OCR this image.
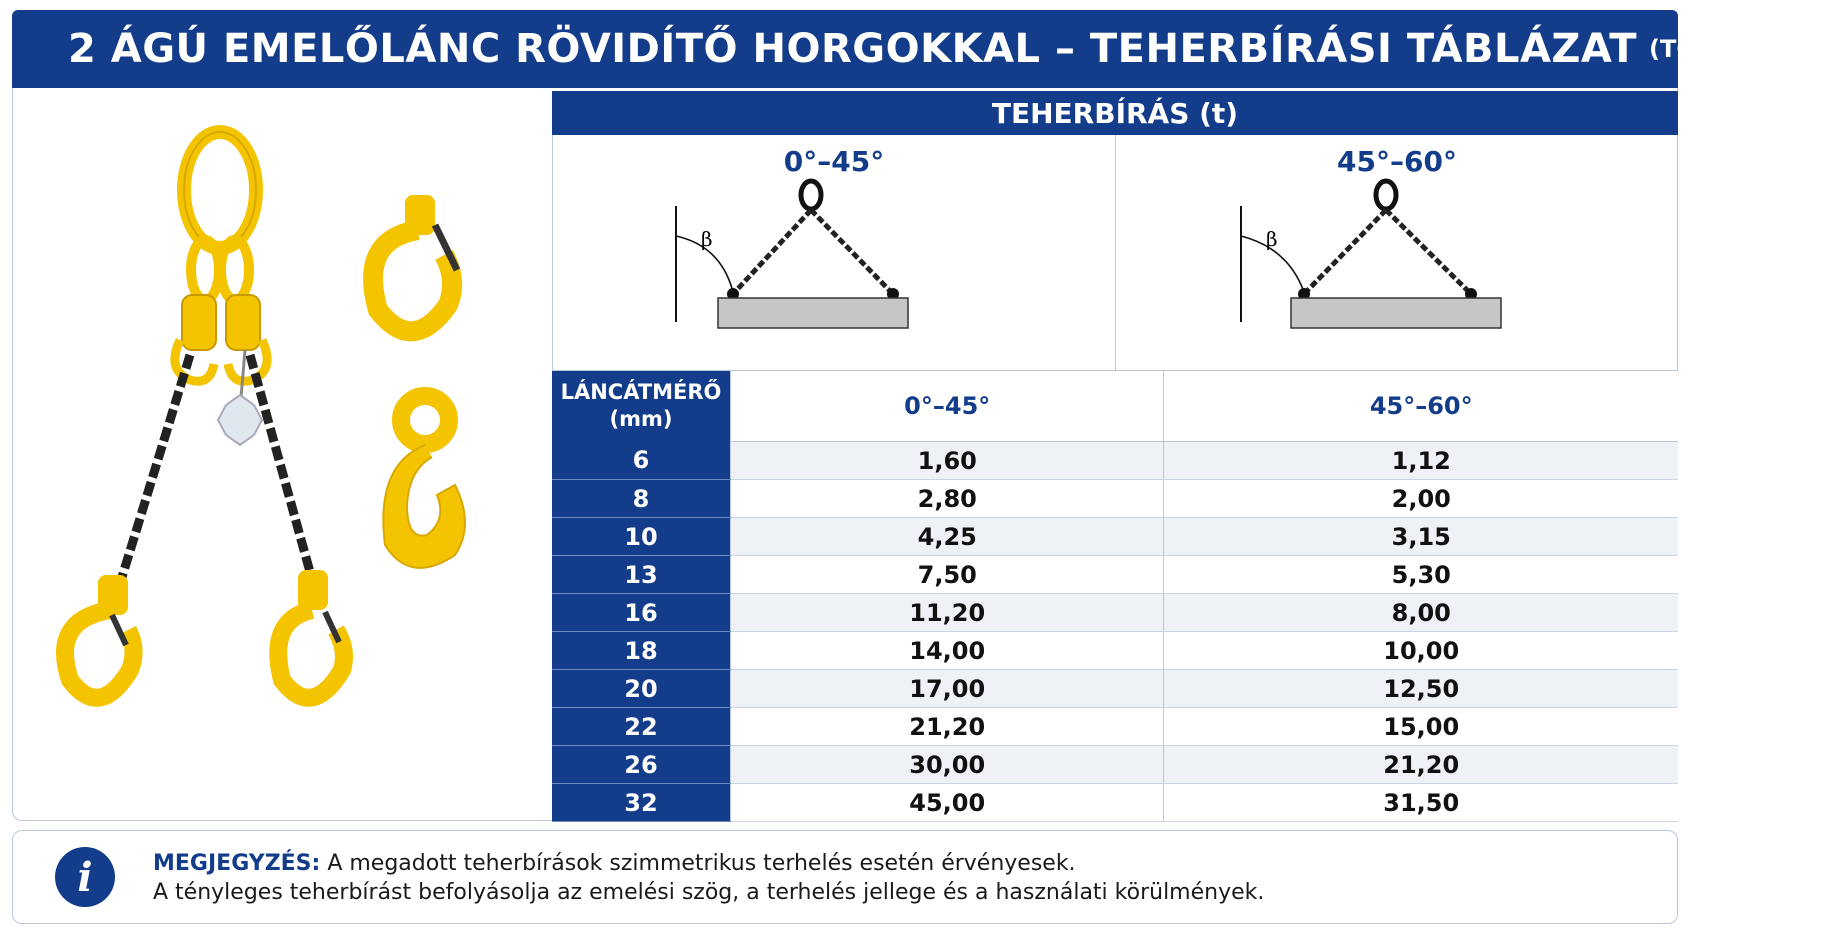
2 ÁGÚ EMELŐLÁNC RÖVIDÍTŐ HORGOKKAL – TEHERBÍRÁSI TÁBLÁZAT (TONNÁBAN)
TEHERBÍRÁS (t)
0°–45°
β
45°–60°
β
LÁNCÁTMÉRŐ
(mm)	0°–45°	45°–60°
6	1,60	1,12
8	2,80	2,00
10	4,25	3,15
13	7,50	5,30
16	11,20	8,00
18	14,00	10,00
20	17,00	12,50
22	21,20	15,00
26	30,00	21,20
32	45,00	31,50
i	MEGJEGYZÉS: A megadott teherbírások szimmetrikus terhelés esetén érvényesek.
A tényleges teherbírást befolyásolja az emelési szög, a terhelés jellege és a használati körülmények.
